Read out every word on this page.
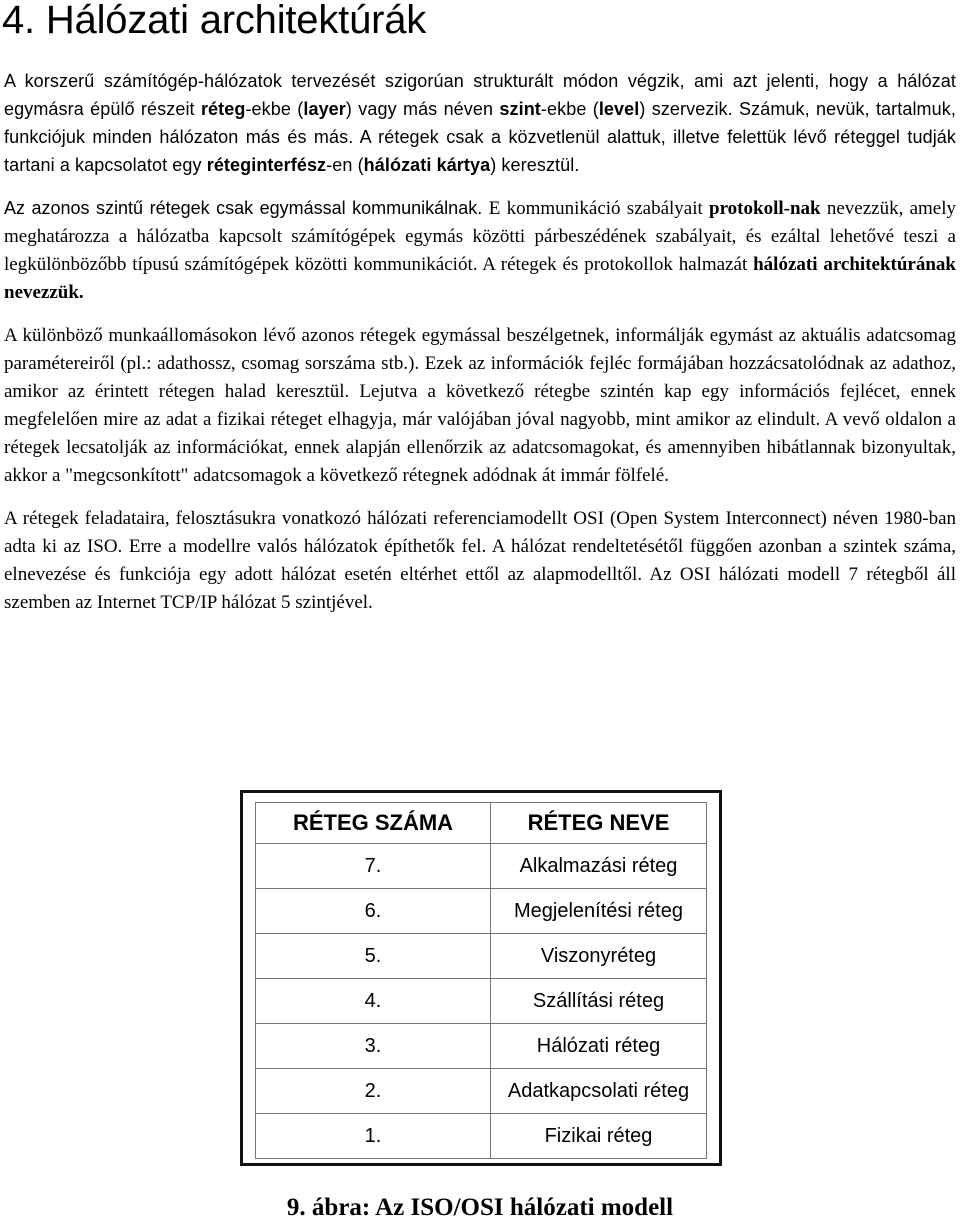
4. Hálózati architektúrák

A korszerű számítógép-hálózatok tervezését szigorúan strukturált módon végzik, ami azt jelenti, hogy a hálózat egymásra épülő részeit réteg-ekbe (layer) vagy más néven szint-ekbe (level) szervezik. Számuk, nevük, tartalmuk, funkciójuk minden hálózaton más és más. A rétegek csak a közvetlenül alattuk, illetve felettük lévő réteggel tudják tartani a kapcsolatot egy réteginterfész-en (hálózati kártya) keresztül.

Az azonos szintű rétegek csak egymással kommunikálnak. E kommunikáció szabályait protokoll-nak nevezzük, amely meghatározza a hálózatba kapcsolt számítógépek egymás közötti párbeszédének szabályait, és ezáltal lehetővé teszi a legkülönbözőbb típusú számítógépek közötti kommunikációt. A rétegek és protokollok halmazát hálózati architektúrának nevezzük.

A különböző munkaállomásokon lévő azonos rétegek egymással beszélgetnek, informálják egymást az aktuális adatcsomag paramétereiről (pl.: adathossz, csomag sorszáma stb.). Ezek az információk fejléc formájában hozzácsatolódnak az adathoz, amikor az érintett rétegen halad keresztül. Lejutva a következő rétegbe szintén kap egy információs fejlécet, ennek megfelelően mire az adat a fizikai réteget elhagyja, már valójában jóval nagyobb, mint amikor az elindult. A vevő oldalon a rétegek lecsatolják az információkat, ennek alapján ellenőrzik az adatcsomagokat, és amennyiben hibátlannak bizonyultak, akkor a "megcsonkított" adatcsomagok a következő rétegnek adódnak át immár fölfelé.

A rétegek feladataira, felosztásukra vonatkozó hálózati referenciamodellt OSI (Open System Interconnect) néven 1980-ban adta ki az ISO. Erre a modellre valós hálózatok építhetők fel. A hálózat rendeltetésétől függően azonban a szintek száma, elnevezése és funkciója egy adott hálózat esetén eltérhet ettől az alapmodelltől. Az OSI hálózati modell 7 rétegből áll szemben az Internet TCP/IP hálózat 5 szintjével.

RÉTEG SZÁMA	RÉTEG NEVE
7.	Alkalmazási réteg
6.	Megjelenítési réteg
5.	Viszonyréteg
4.	Szállítási réteg
3.	Hálózati réteg
2.	Adatkapcsolati réteg
1.	Fizikai réteg
9. ábra: Az ISO/OSI hálózati modell
